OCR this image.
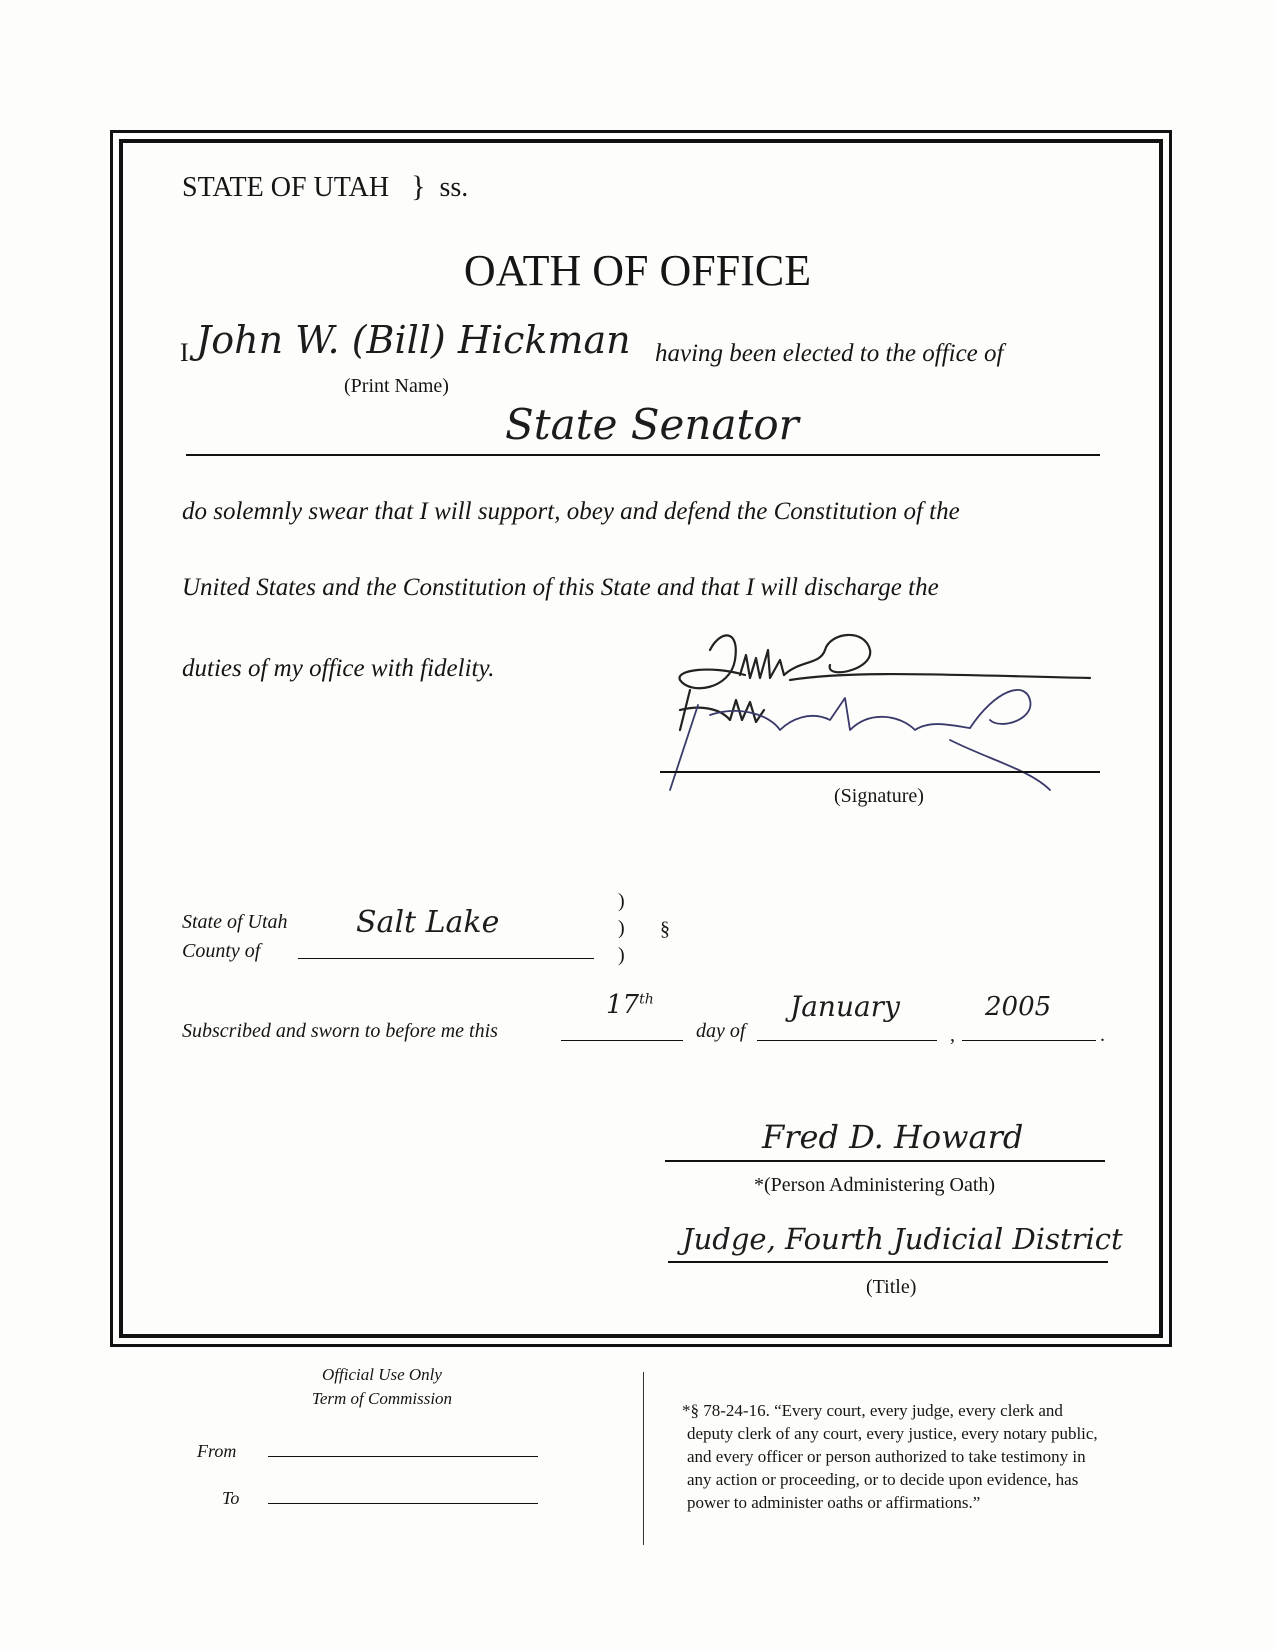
STATE OF UTAH } ss.
OATH OF OFFICE
I John W. (Bill) Hickman having been elected to the office of
(Print Name)
State Senator
do solemnly swear that I will support, obey and defend the Constitution of the
United States and the Constitution of this State and that I will discharge the
duties of my office with fidelity.
(Signature)
State of Utah
County of
Salt Lake
)
)
)
§
Subscribed and sworn to before me this
17th
day of
January
,
2005
.
Fred D. Howard
*(Person Administering Oath)
Judge, Fourth Judicial District
(Title)
Official Use Only
Term of Commission
From
To
*§ 78-24-16. “Every court, every judge, every clerk and
deputy clerk of any court, every justice, every notary public,
and every officer or person authorized to take testimony in
any action or proceeding, or to decide upon evidence, has
power to administer oaths or affirmations.”
